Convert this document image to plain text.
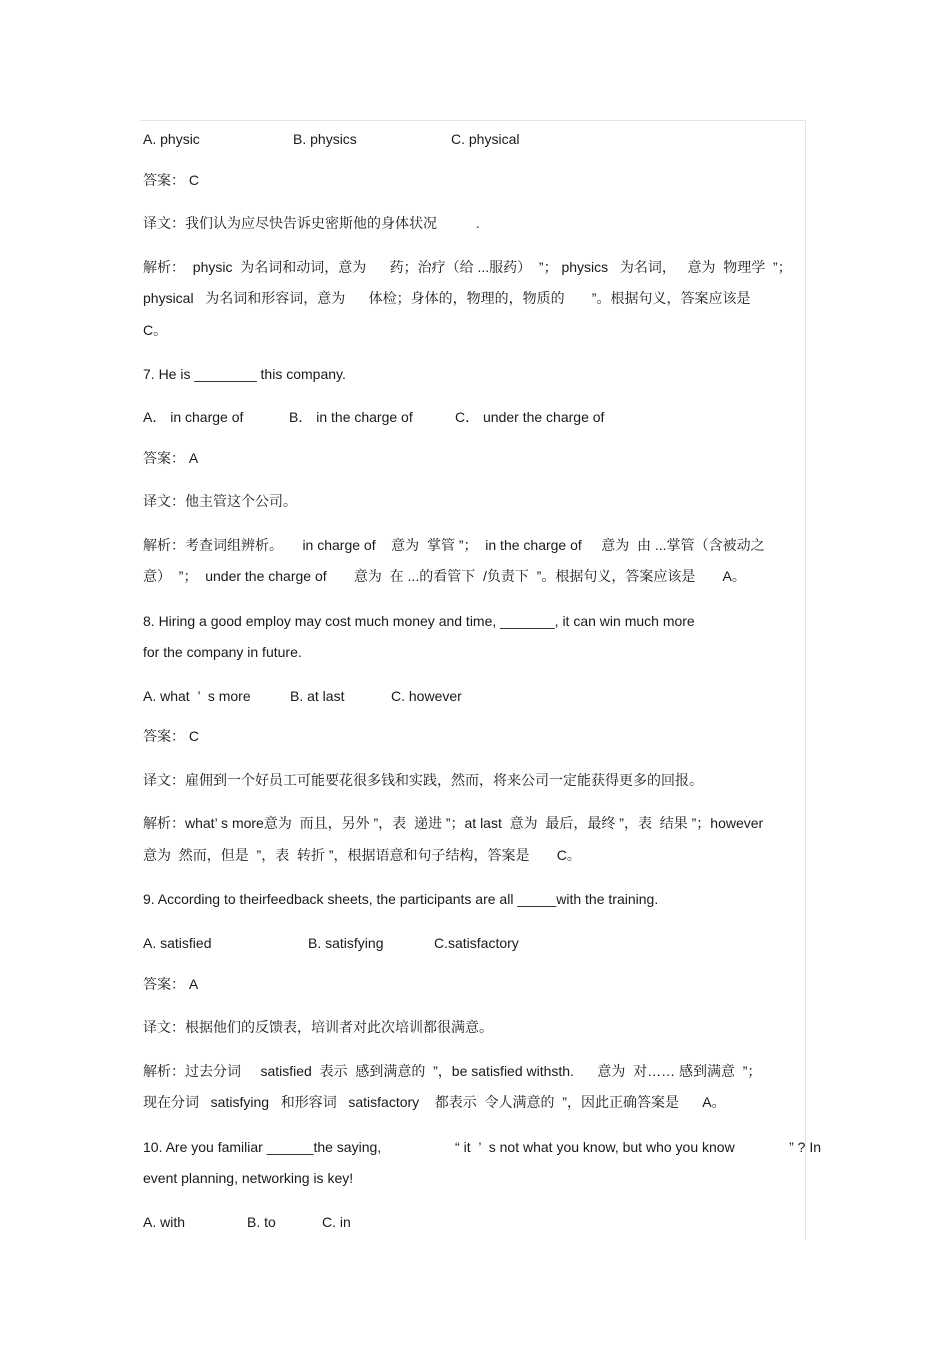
A. physic	B. physics	C. physical
答案： C
译文：我们认为应尽快告诉史密斯他的身体状况          .
解析：  physic  为名词和动词，意为      药；治疗（给 ...服药）  ”； physics   为名词，   意为  物理学  ”；
physical   为名词和形容词，意为      体检；身体的，物理的，物质的       ”。根据句义，答案应该是
C。
7. He is ________ this company.
A． in charge of	B． in the charge of	C． under the charge of
答案： A
译文：他主管这个公司。
解析：考查词组辨析。     in charge of    意为  掌管 ”；  in the charge of     意为  由 ...掌管（含被动之
意）  ”；  under the charge of       意为  在 ...的看管下  /负责下  ”。根据句义，答案应该是       A。
8. Hiring a good employ may cost much money and time, _______, it can win much more
for the company in future.
A. what  ’  s more	B. at last	C. however
答案： C
译文：雇佣到一个好员工可能要花很多钱和实践，然而，将来公司一定能获得更多的回报。
解析：what’ s more意为  而且，另外 ”，表  递进 ”；at last  意为  最后，最终 ”，表  结果 ”；however
意为  然而，但是  ”，表  转折 ”，根据语意和句子结构，答案是       C。
9. According to theirfeedback sheets, the participants are all _____with the training.
A. satisfied	B. satisfying	C.satisfactory
答案： A
译文：根据他们的反馈表，培训者对此次培训都很满意。
解析：过去分词     satisfied  表示  感到满意的  ”，be satisfied withsth.      意为  对…… 感到满意  ”；
现在分词   satisfying   和形容词   satisfactory    都表示  令人满意的  ”，因此正确答案是      A。
10. Are you familiar ______the saying,                   “ it  ’  s not what you know, but who you know              ” ? In
event planning, networking is key!
A. with	B. to	C. in
